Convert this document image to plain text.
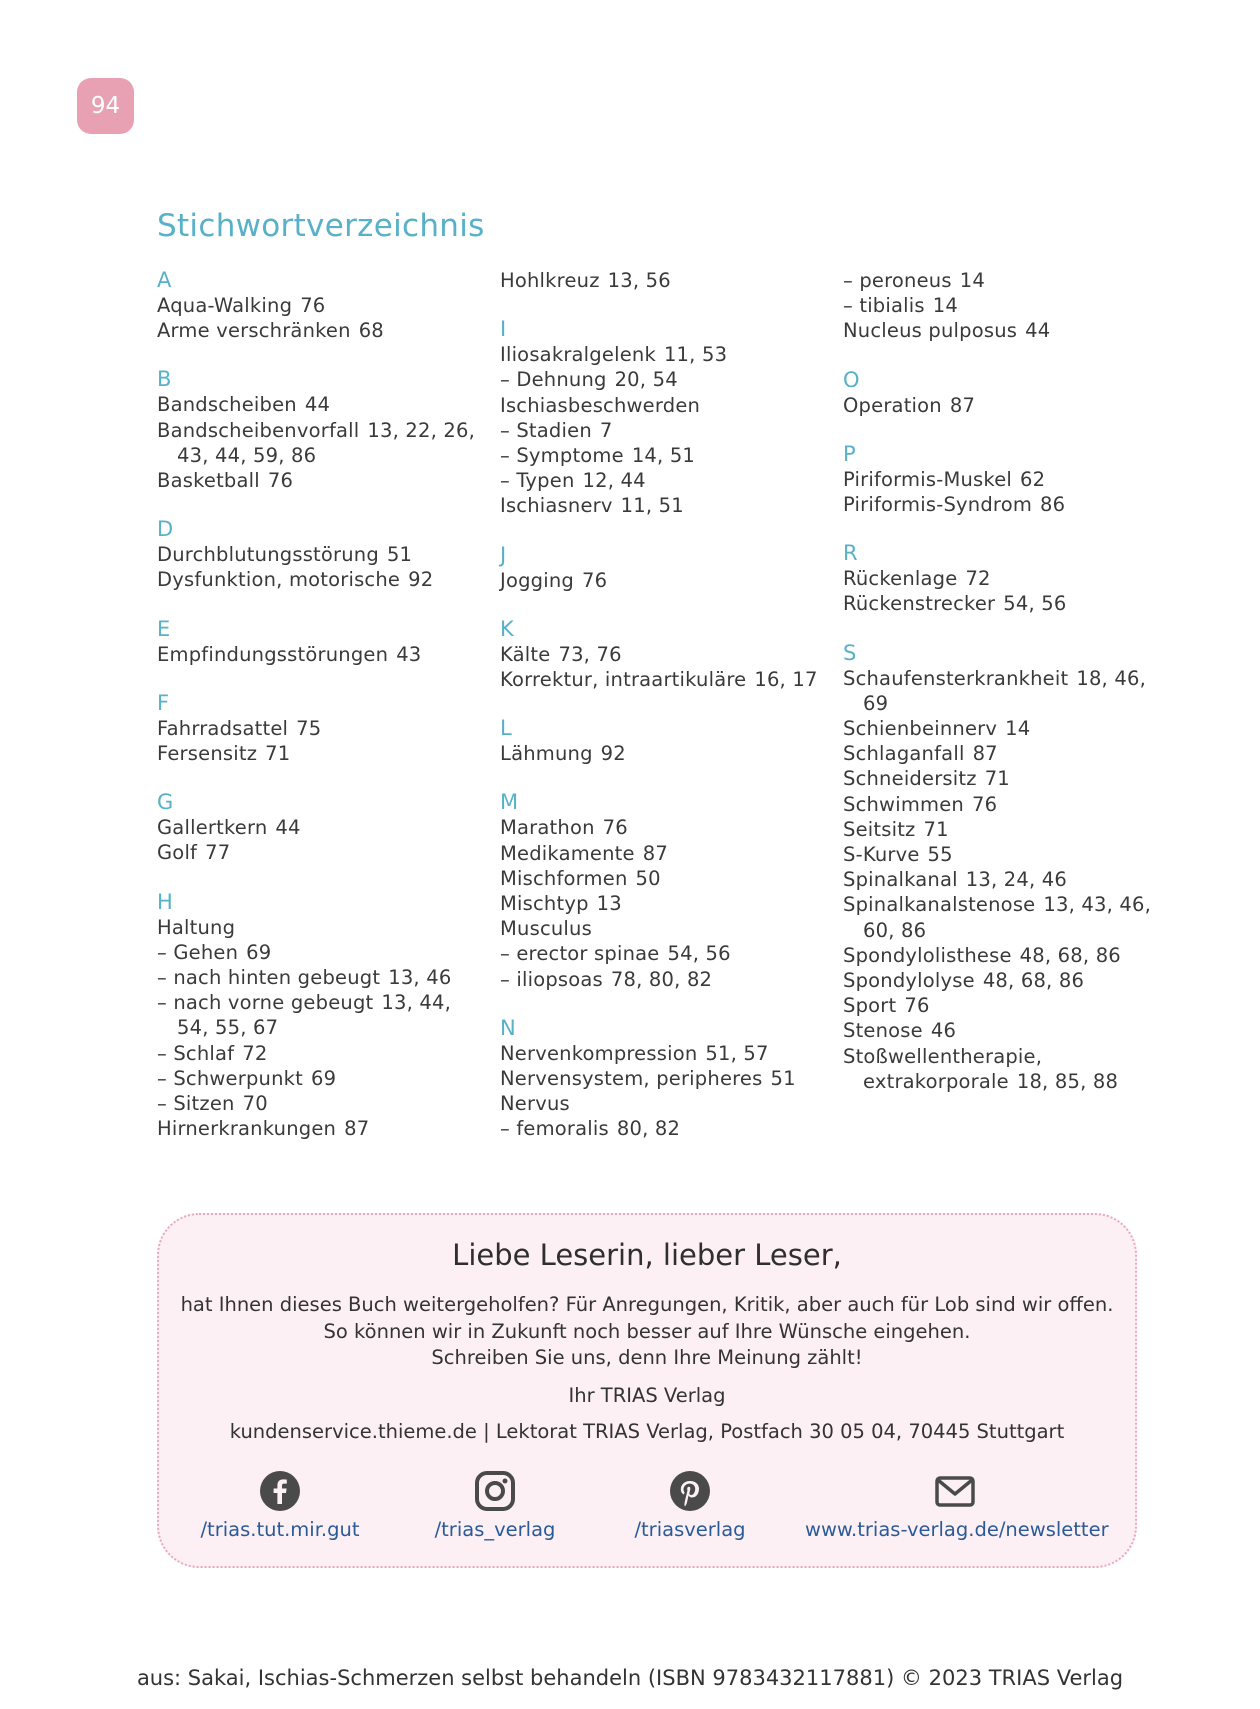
94
Stichwortverzeichnis
A
Aqua-Walking 76
Arme verschränken 68
B
Bandscheiben 44
Bandscheibenvorfall 13, 22, 26,
43, 44, 59, 86
Basketball 76
D
Durchblutungsstörung 51
Dysfunktion, motorische 92
E
Empfindungsstörungen 43
F
Fahrradsattel 75
Fersensitz 71
G
Gallertkern 44
Golf 77
H
Haltung
– Gehen 69
– nach hinten gebeugt 13, 46
– nach vorne gebeugt 13, 44,
54, 55, 67
– Schlaf 72
– Schwerpunkt 69
– Sitzen 70
Hirnerkrankungen 87
Hohlkreuz 13, 56
I
Iliosakralgelenk 11, 53
– Dehnung 20, 54
Ischiasbeschwerden
– Stadien 7
– Symptome 14, 51
– Typen 12, 44
Ischiasnerv 11, 51
J
Jogging 76
K
Kälte 73, 76
Korrektur, intraartikuläre 16, 17
L
Lähmung 92
M
Marathon 76
Medikamente 87
Mischformen 50
Mischtyp 13
Musculus
– erector spinae 54, 56
– iliopsoas 78, 80, 82
N
Nervenkompression 51, 57
Nervensystem, peripheres 51
Nervus
– femoralis 80, 82
– peroneus 14
– tibialis 14
Nucleus pulposus 44
O
Operation 87
P
Piriformis-Muskel 62
Piriformis-Syndrom 86
R
Rückenlage 72
Rückenstrecker 54, 56
S
Schaufensterkrankheit 18, 46,
69
Schienbeinnerv 14
Schlaganfall 87
Schneidersitz 71
Schwimmen 76
Seitsitz 71
S-Kurve 55
Spinalkanal 13, 24, 46
Spinalkanalstenose 13, 43, 46,
60, 86
Spondylolisthese 48, 68, 86
Spondylolyse 48, 68, 86
Sport 76
Stenose 46
Stoßwellentherapie,
extrakorporale 18, 85, 88
Liebe Leserin, lieber Leser,
hat Ihnen dieses Buch weitergeholfen? Für Anregungen, Kritik, aber auch für Lob sind wir offen.
So können wir in Zukunft noch besser auf Ihre Wünsche eingehen.
Schreiben Sie uns, denn Ihre Meinung zählt!
Ihr TRIAS Verlag
kundenservice.thieme.de | Lektorat TRIAS Verlag, Postfach 30 05 04, 70445 Stuttgart
/trias.tut.mir.gut	/trias_verlag	/triasverlag	www.trias-verlag.de/newsletter
aus: Sakai, Ischias-Schmerzen selbst behandeln (ISBN 9783432117881) © 2023 TRIAS Verlag
